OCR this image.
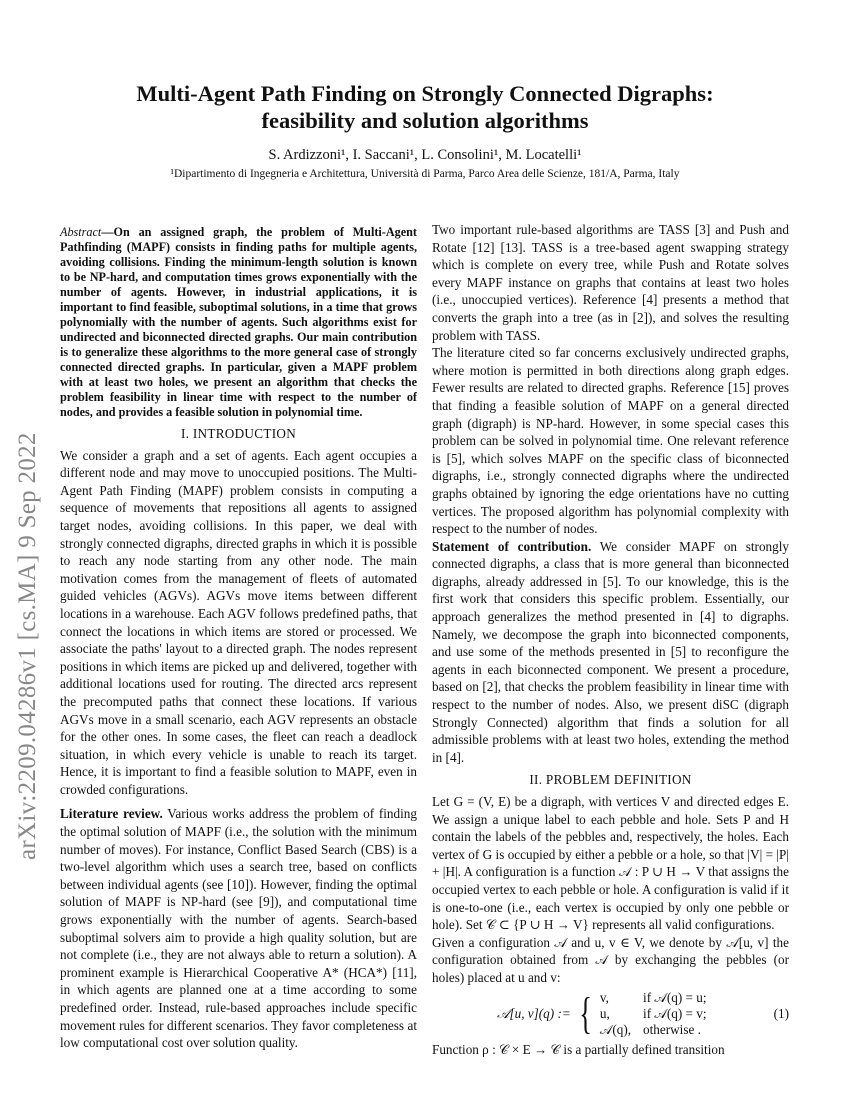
Multi-Agent Path Finding on Strongly Connected Digraphs:
feasibility and solution algorithms
S. Ardizzoni¹, I. Saccani¹, L. Consolini¹, M. Locatelli¹
¹Dipartimento di Ingegneria e Architettura, Università di Parma, Parco Area delle Scienze, 181/A, Parma, Italy
arXiv:2209.04286v1 [cs.MA] 9 Sep 2022

Abstract—On an assigned graph, the problem of Multi-Agent Pathfinding (MAPF) consists in finding paths for multiple agents, avoiding collisions. Finding the minimum-length solution is known to be NP-hard, and computation times grows exponentially with the number of agents. However, in industrial applications, it is important to find feasible, suboptimal solutions, in a time that grows polynomially with the number of agents. Such algorithms exist for undirected and biconnected directed graphs. Our main contribution is to generalize these algorithms to the more general case of strongly connected directed graphs. In particular, given a MAPF problem with at least two holes, we present an algorithm that checks the problem feasibility in linear time with respect to the number of nodes, and provides a feasible solution in polynomial time.

I. INTRODUCTION

We consider a graph and a set of agents. Each agent occupies a different node and may move to unoccupied positions. The Multi-Agent Path Finding (MAPF) problem consists in computing a sequence of movements that repositions all agents to assigned target nodes, avoiding collisions. In this paper, we deal with strongly connected digraphs, directed graphs in which it is possible to reach any node starting from any other node. The main motivation comes from the management of fleets of automated guided vehicles (AGVs). AGVs move items between different locations in a warehouse. Each AGV follows predefined paths, that connect the locations in which items are stored or processed. We associate the paths' layout to a directed graph. The nodes represent positions in which items are picked up and delivered, together with additional locations used for routing. The directed arcs represent the precomputed paths that connect these locations. If various AGVs move in a small scenario, each AGV represents an obstacle for the other ones. In some cases, the fleet can reach a deadlock situation, in which every vehicle is unable to reach its target. Hence, it is important to find a feasible solution to MAPF, even in crowded configurations.

Literature review. Various works address the problem of finding the optimal solution of MAPF (i.e., the solution with the minimum number of moves). For instance, Conflict Based Search (CBS) is a two-level algorithm which uses a search tree, based on conflicts between individual agents (see [10]). However, finding the optimal solution of MAPF is NP-hard (see [9]), and computational time grows exponentially with the number of agents. Search-based suboptimal solvers aim to provide a high quality solution, but are not complete (i.e., they are not always able to return a solution). A prominent example is Hierarchical Cooperative A* (HCA*) [11], in which agents are planned one at a time according to some predefined order. Instead, rule-based approaches include specific movement rules for different scenarios. They favor completeness at low computational cost over solution quality.

Two important rule-based algorithms are TASS [3] and Push and Rotate [12] [13]. TASS is a tree-based agent swapping strategy which is complete on every tree, while Push and Rotate solves every MAPF instance on graphs that contains at least two holes (i.e., unoccupied vertices). Reference [4] presents a method that converts the graph into a tree (as in [2]), and solves the resulting problem with TASS.

The literature cited so far concerns exclusively undirected graphs, where motion is permitted in both directions along graph edges. Fewer results are related to directed graphs. Reference [15] proves that finding a feasible solution of MAPF on a general directed graph (digraph) is NP-hard. However, in some special cases this problem can be solved in polynomial time. One relevant reference is [5], which solves MAPF on the specific class of biconnected digraphs, i.e., strongly connected digraphs where the undirected graphs obtained by ignoring the edge orientations have no cutting vertices. The proposed algorithm has polynomial complexity with respect to the number of nodes.

Statement of contribution. We consider MAPF on strongly connected digraphs, a class that is more general than biconnected digraphs, already addressed in [5]. To our knowledge, this is the first work that considers this specific problem. Essentially, our approach generalizes the method presented in [4] to digraphs. Namely, we decompose the graph into biconnected components, and use some of the methods presented in [5] to reconfigure the agents in each biconnected component. We present a procedure, based on [2], that checks the problem feasibility in linear time with respect to the number of nodes. Also, we present diSC (digraph Strongly Connected) algorithm that finds a solution for all admissible problems with at least two holes, extending the method in [4].

II. PROBLEM DEFINITION

Let G = (V, E) be a digraph, with vertices V and directed edges E. We assign a unique label to each pebble and hole. Sets P and H contain the labels of the pebbles and, respectively, the holes. Each vertex of G is occupied by either a pebble or a hole, so that |V| = |P| + |H|. A configuration is a function 𝒜 : P ∪ H → V that assigns the occupied vertex to each pebble or hole. A configuration is valid if it is one-to-one (i.e., each vertex is occupied by only one pebble or hole). Set 𝒞 ⊂ {P ∪ H → V} represents all valid configurations.

Given a configuration 𝒜 and u, v ∈ V, we denote by 𝒜[u, v] the configuration obtained from 𝒜 by exchanging the pebbles (or holes) placed at u and v:

𝒜[u, v](q) := { v,	if 𝒜(q) = u;
u,	if 𝒜(q) = v;
𝒜(q),	otherwise .
(1)

Function ρ : 𝒞 × E → 𝒞 is a partially defined transition
